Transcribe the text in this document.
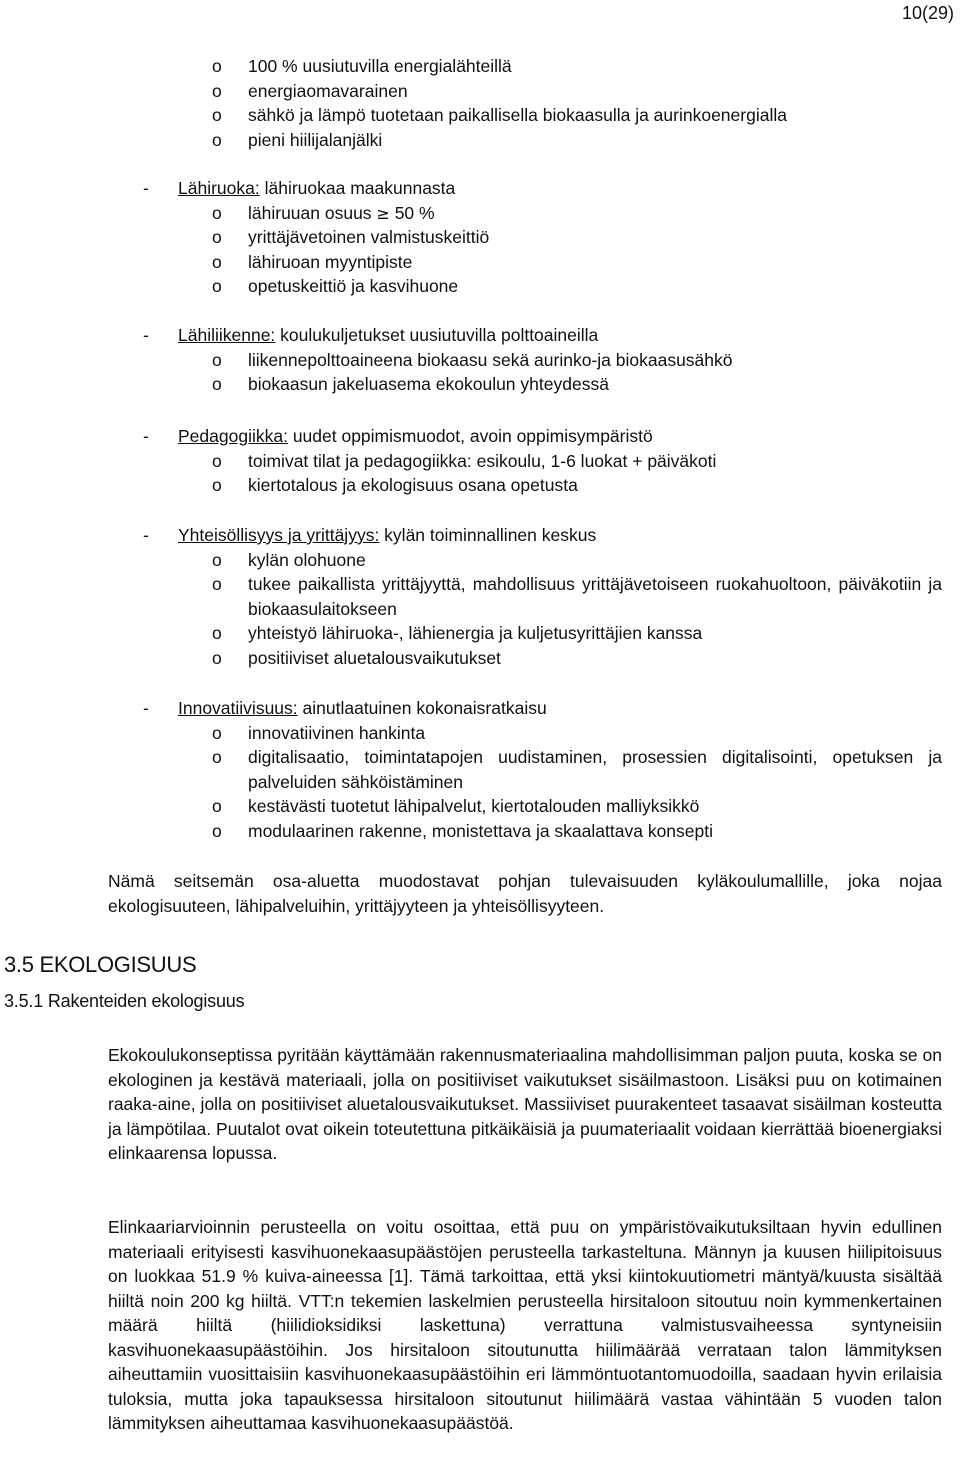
10(29)
o 100 % uusiutuvilla energialähteillä
o energiaomavarainen
o sähkö ja lämpö tuotetaan paikallisella biokaasulla ja aurinkoenergialla
o pieni hiilijalanjälki
- Lähiruoka: lähiruokaa maakunnasta
o lähiruuan osuus ≥ 50 %
o yrittäjävetoinen valmistuskeittiö
o lähiruoan myyntipiste
o opetuskeittiö ja kasvihuone
- Lähiliikenne: koulukuljetukset uusiutuvilla polttoaineilla
o liikennepolttoaineena biokaasu sekä aurinko-ja biokaasusähkö
o biokaasun jakeluasema ekokoulun yhteydessä
- Pedagogiikka: uudet oppimismuodot, avoin oppimisympäristö
o toimivat tilat ja pedagogiikka: esikoulu, 1-6 luokat + päiväkoti
o kiertotalous ja ekologisuus osana opetusta
- Yhteisöllisyys ja yrittäjyys: kylän toiminnallinen keskus
o kylän olohuone
o tukee paikallista yrittäjyyttä, mahdollisuus yrittäjävetoiseen ruokahuoltoon, päiväkotiin ja biokaasulaitokseen
o yhteistyö lähiruoka-, lähienergia ja kuljetusyrittäjien kanssa
o positiiviset aluetalousvaikutukset
- Innovatiivisuus: ainutlaatuinen kokonaisratkaisu
o innovatiivinen hankinta
o digitalisaatio, toimintatapojen uudistaminen, prosessien digitalisointi, opetuksen ja palveluiden sähköistäminen
o kestävästi tuotetut lähipalvelut, kiertotalouden malliyksikkö
o modulaarinen rakenne, monistettava ja skaalattava konsepti

Nämä seitsemän osa-aluetta muodostavat pohjan tulevaisuuden kyläkoulumallille, joka nojaa ekologisuuteen, lähipalveluihin, yrittäjyyteen ja yhteisöllisyyteen.

3.5 EKOLOGISUUS
3.5.1 Rakenteiden ekologisuus

Ekokoulukonseptissa pyritään käyttämään rakennusmateriaalina mahdollisimman paljon puuta, koska se on ekologinen ja kestävä materiaali, jolla on positiiviset vaikutukset sisäilmastoon. Lisäksi puu on kotimainen raaka-aine, jolla on positiiviset aluetalousvaikutukset. Massiiviset puurakenteet tasaavat sisäilman kosteutta ja lämpötilaa. Puutalot ovat oikein toteutettuna pitkäikäisiä ja puumateriaalit voidaan kierrättää bioenergiaksi elinkaarensa lopussa.

Elinkaariarvioinnin perusteella on voitu osoittaa, että puu on ympäristövaikutuksiltaan hyvin edullinen materiaali erityisesti kasvihuonekaasupäästöjen perusteella tarkasteltuna. Männyn ja kuusen hiilipitoisuus on luokkaa 51.9 % kuiva-aineessa [1]. Tämä tarkoittaa, että yksi kiintokuutiometri mäntyä/kuusta sisältää hiiltä noin 200 kg hiiltä. VTT:n tekemien laskelmien perusteella hirsitaloon sitoutuu noin kymmenkertainen määrä hiiltä (hiilidioksidiksi laskettuna) verrattuna valmistusvaiheessa syntyneisiin kasvihuonekaasupäästöihin. Jos hirsitaloon sitoutunutta hiilimäärää verrataan talon lämmityksen aiheuttamiin vuosittaisiin kasvihuonekaasupäästöihin eri lämmöntuotantomuodoilla, saadaan hyvin erilaisia tuloksia, mutta joka tapauksessa hirsitaloon sitoutunut hiilimäärä vastaa vähintään 5 vuoden talon lämmityksen aiheuttamaa kasvihuonekaasupäästöä.
